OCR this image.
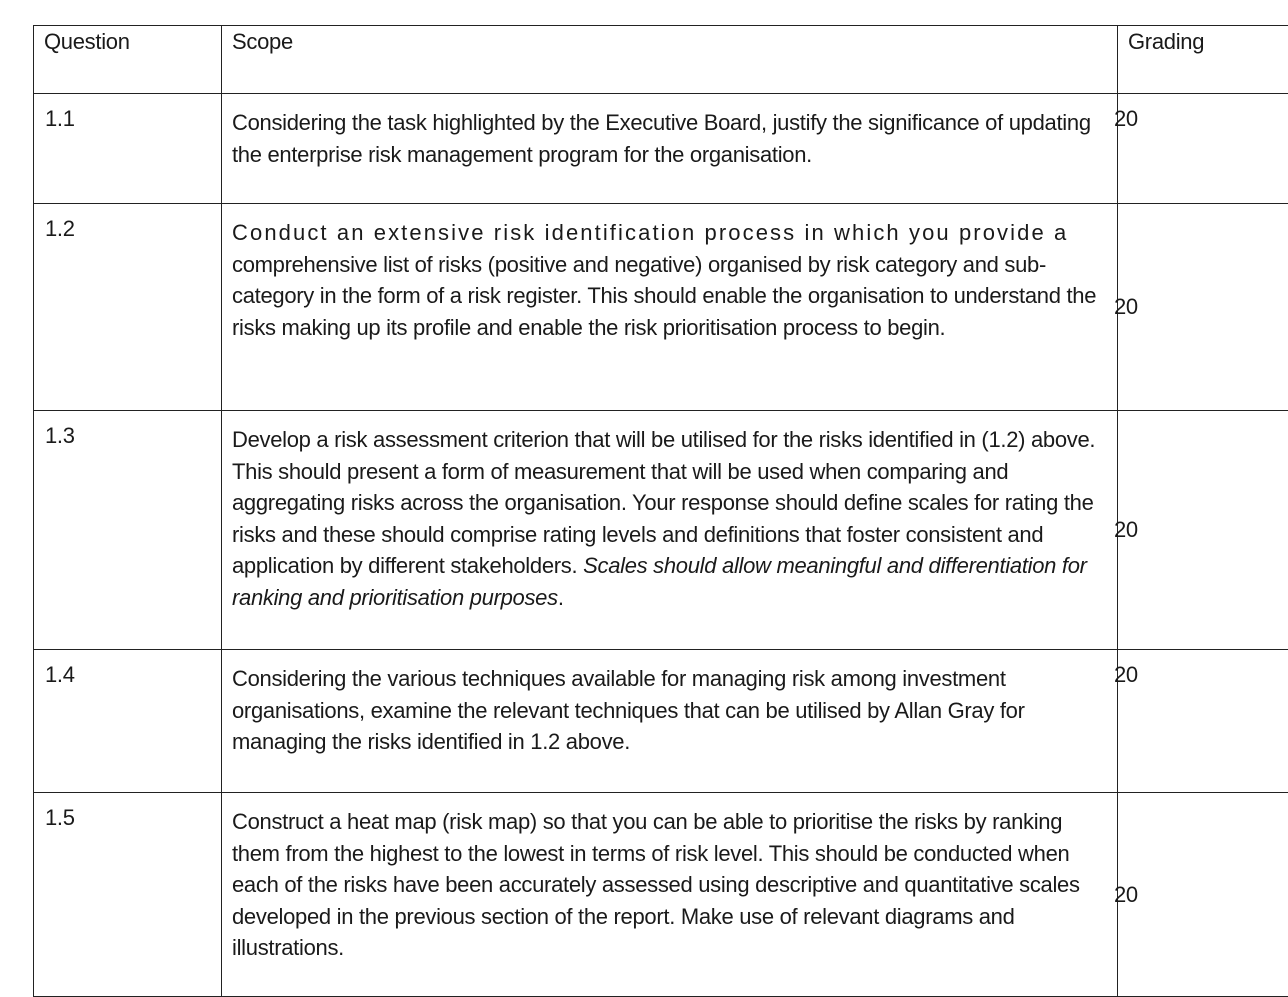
Question	Scope	Grading
1.1	Considering the task highlighted by the Executive Board, justify the significance of updating the enterprise risk management program for the organisation.	20
1.2	Conduct an extensive risk identification process in which you provide a comprehensive list of risks (positive and negative) organised by risk category and sub-category in the form of a risk register. This should enable the organisation to understand the risks making up its profile and enable the risk prioritisation process to begin.	20
1.3	Develop a risk assessment criterion that will be utilised for the risks identified in (1.2) above. This should present a form of measurement that will be used when comparing and aggregating risks across the organisation. Your response should define scales for rating the risks and these should comprise rating levels and definitions that foster consistent and application by different stakeholders. Scales should allow meaningful and differentiation for ranking and prioritisation purposes.	20
1.4	Considering the various techniques available for managing risk among investment organisations, examine the relevant techniques that can be utilised by Allan Gray for managing the risks identified in 1.2 above.	20
1.5	Construct a heat map (risk map) so that you can be able to prioritise the risks by ranking them from the highest to the lowest in terms of risk level. This should be conducted when each of the risks have been accurately assessed using descriptive and quantitative scales developed in the previous section of the report. Make use of relevant diagrams and illustrations.	20
